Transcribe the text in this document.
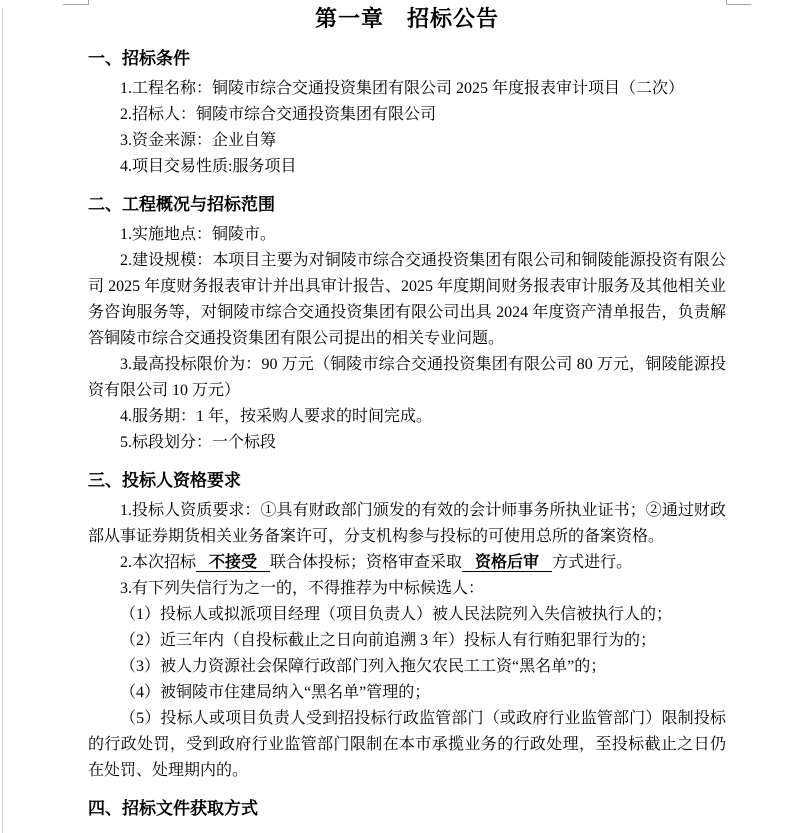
第一章　招标公告
一、招标条件

1.工程名称：铜陵市综合交通投资集团有限公司 2025 年度报表审计项目（二次）

2.招标人：铜陵市综合交通投资集团有限公司

3.资金来源：企业自筹

4.项目交易性质:服务项目

二、工程概况与招标范围

1.实施地点：铜陵市。

2.建设规模：本项目主要为对铜陵市综合交通投资集团有限公司和铜陵能源投资有限公司 2025 年度财务报表审计并出具审计报告、2025 年度期间财务报表审计服务及其他相关业务咨询服务等，对铜陵市综合交通投资集团有限公司出具 2024 年度资产清单报告，负责解答铜陵市综合交通投资集团有限公司提出的相关专业问题。

3.最高投标限价为：90 万元（铜陵市综合交通投资集团有限公司 80 万元，铜陵能源投资有限公司 10 万元）

4.服务期：1 年，按采购人要求的时间完成。

5.标段划分：一个标段

三、投标人资格要求

1.投标人资质要求：①具有财政部门颁发的有效的会计师事务所执业证书；②通过财政部从事证券期货相关业务备案许可，分支机构参与投标的可使用总所的备案资格。

2.本次招标 不接受 联合体投标；资格审查采取 资格后审 方式进行。

3.有下列失信行为之一的，不得推荐为中标候选人：

（1）投标人或拟派项目经理（项目负责人）被人民法院列入失信被执行人的；

（2）近三年内（自投标截止之日向前追溯 3 年）投标人有行贿犯罪行为的；

（3）被人力资源社会保障行政部门列入拖欠农民工工资“黑名单”的；

（4）被铜陵市住建局纳入“黑名单”管理的；

（5）投标人或项目负责人受到招投标行政监管部门（或政府行业监管部门）限制投标的行政处罚，受到政府行业监管部门限制在本市承揽业务的行政处理，至投标截止之日仍在处罚、处理期内的。

四、招标文件获取方式
